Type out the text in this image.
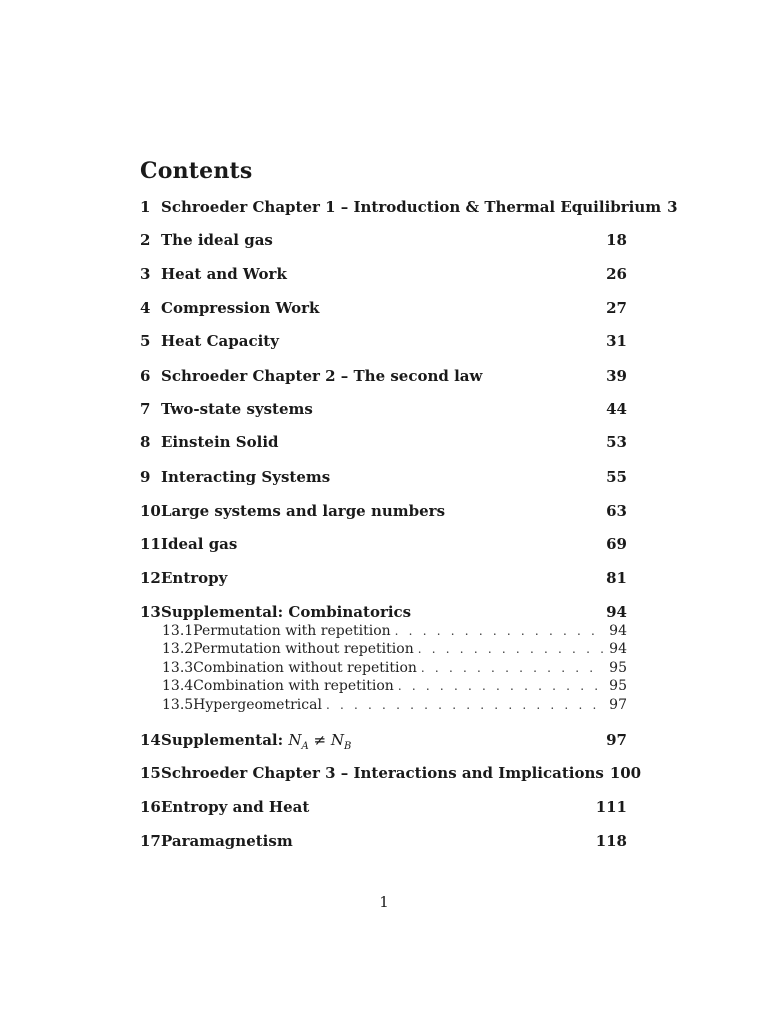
Contents
1 Schroeder Chapter 1 – Introduction & Thermal Equilibrium 3
2 The ideal gas	18
3 Heat and Work	26
4 Compression Work	27
5 Heat Capacity	31
6 Schroeder Chapter 2 – The second law	39
7 Two-state systems	44
8 Einstein Solid	53
9 Interacting Systems	55
10 Large systems and large numbers	63
11 Ideal gas	69
12 Entropy	81
13 Supplemental: Combinatorics	94
13.1 Permutation with repetition . . .	94
13.2 Permutation without repetition . . .	94
13.3 Combination without repetition . . .	95
13.4 Combination with repetition . . .	95
13.5 Hypergeometrical . . .	97
14 Supplemental: $N_A \ne N_B$	97
15 Schroeder Chapter 3 – Interactions and Implications 100
16 Entropy and Heat	111
17 Paramagnetism	118
1
